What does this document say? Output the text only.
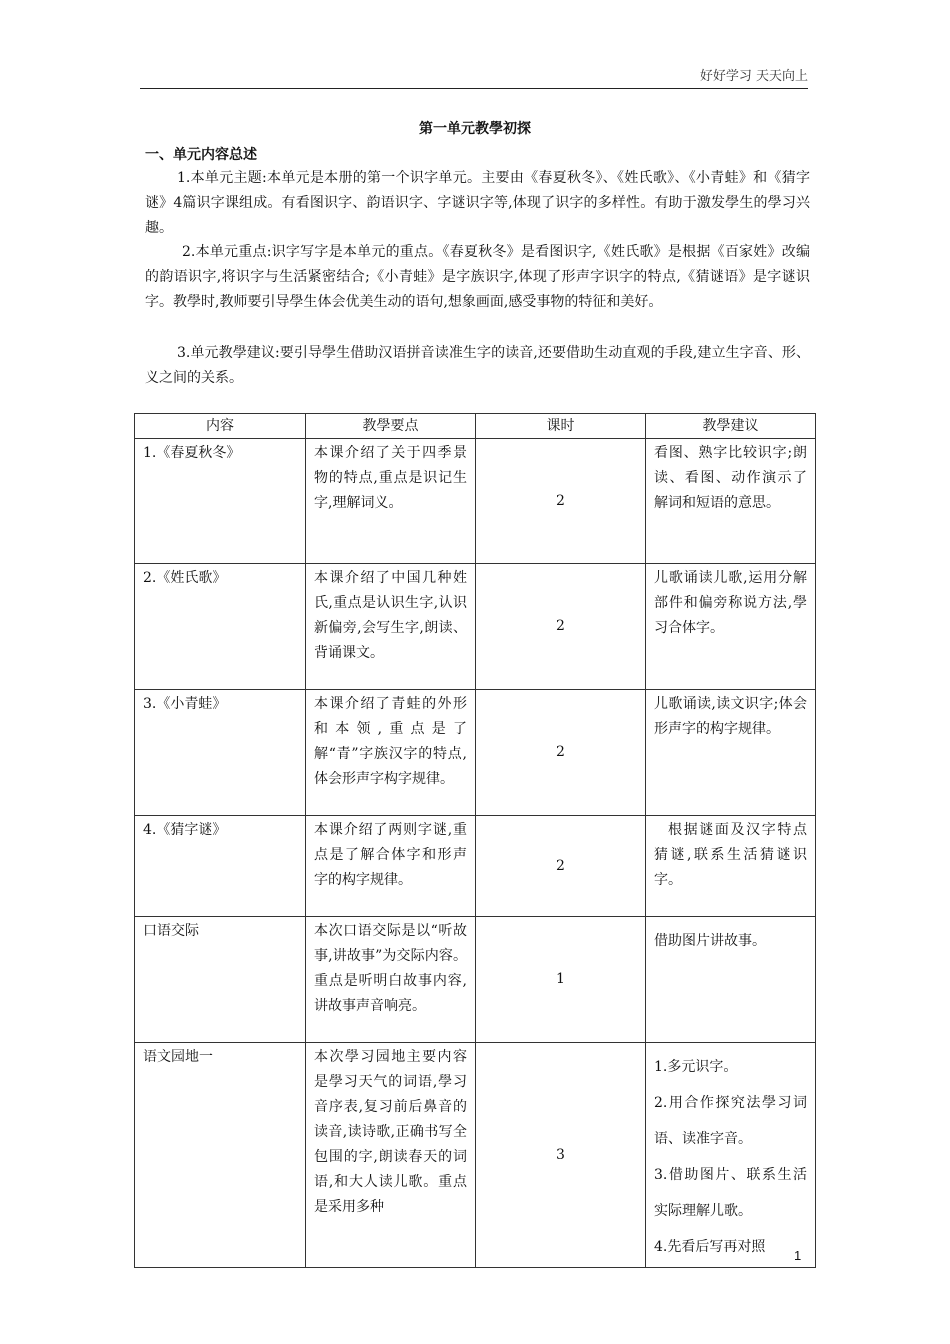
好好学习 天天向上
第一单元教學初探
一、单元内容总述

1.本单元主题:本单元是本册的第一个识字单元。主要由《春夏秋冬》、《姓氏歌》、《小青蛙》和《猜字谜》4篇识字课组成。有看图识字、韵语识字、字谜识字等,体现了识字的多样性。有助于激发學生的學习兴趣。

2.本单元重点:识字写字是本单元的重点。《春夏秋冬》是看图识字,《姓氏歌》是根据《百家姓》改编的韵语识字,将识字与生活紧密结合;《小青蛙》是字族识字,体现了形声字识字的特点,《猜谜语》是字谜识字。教學时,教师要引导學生体会优美生动的语句,想象画面,感受事物的特征和美好。

3.单元教學建议:要引导學生借助汉语拼音读准生字的读音,还要借助生动直观的手段,建立生字音、形、义之间的关系。

内容	教學要点	课时	教學建议
1.《春夏秋冬》	本课介绍了关于四季景物的特点,重点是识记生字,理解词义。	2	看图、熟字比较识字;朗读、看图、动作演示了解词和短语的意思。
2.《姓氏歌》	本课介绍了中国几种姓氏,重点是认识生字,认识新偏旁,会写生字,朗读、背诵课文。	2	儿歌诵读儿歌,运用分解部件和偏旁称说方法,學习合体字。
3.《小青蛙》	本课介绍了青蛙的外形和本领,重点是了解“青”字族汉字的特点,体会形声字构字规律。	2	儿歌诵读,读文识字;体会形声字的构字规律。
4.《猜字谜》	本课介绍了两则字谜,重点是了解合体字和形声字的构字规律。	2	根据谜面及汉字特点猜谜,联系生活猜谜识字。
口语交际	本次口语交际是以“听故事,讲故事”为交际内容。重点是听明白故事内容,讲故事声音响亮。	1	借助图片讲故事。
语文园地一	本次學习园地主要内容是學习天气的词语,學习音序表,复习前后鼻音的读音,读诗歌,正确书写全包围的字,朗读春天的词语,和大人读儿歌。重点是采用多种	3	1.多元识字。
2.用合作探究法學习词语、读准字音。
3.借助图片、联系生活实际理解儿歌。
4.先看后写再对照
1
